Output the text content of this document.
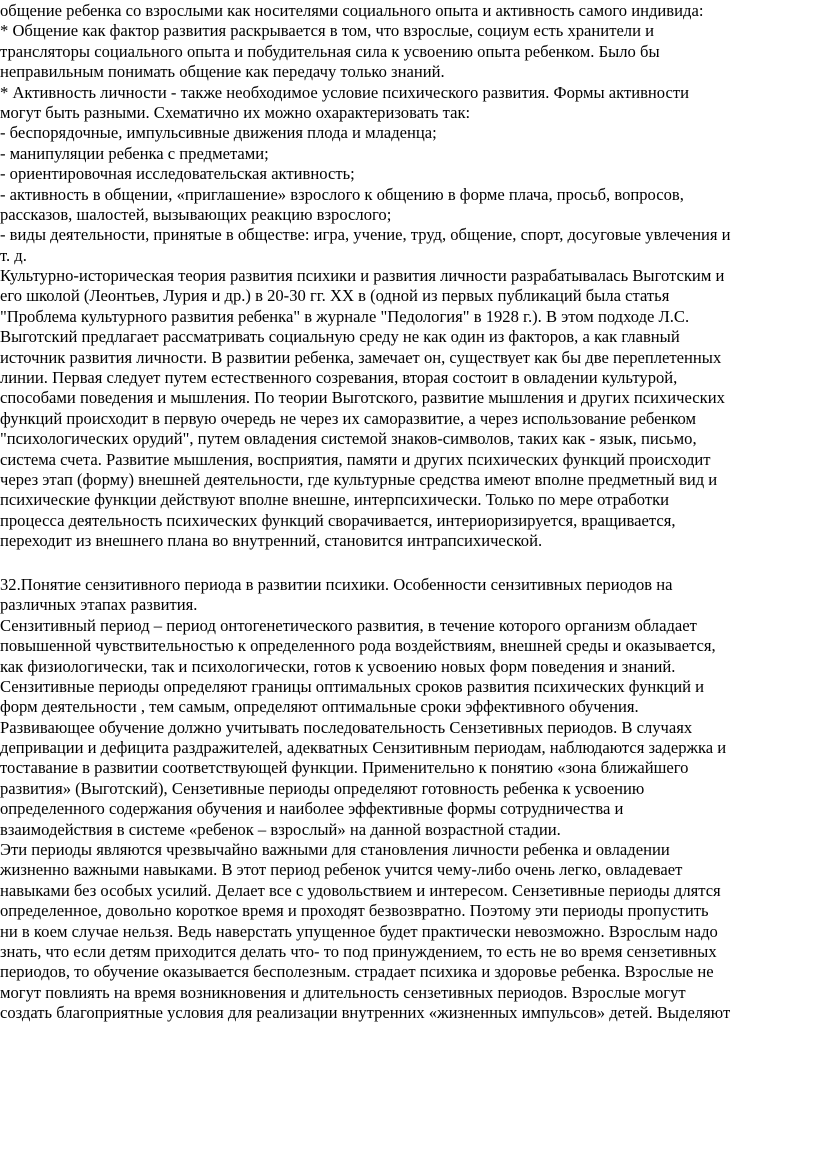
общение ребенка со взрослыми как носителями социального опыта и активность самого индивида:
* Общение как фактор развития раскрывается в том, что взрослые, социум есть хранители и
трансляторы социального опыта и побудительная сила к усвоению опыта ребенком. Было бы
неправильным понимать общение как передачу только знаний.
* Активность личности - также необходимое условие психического развития. Формы активности
могут быть разными. Схематично их можно охарактеризовать так:
- беспорядочные, импульсивные движения плода и младенца;
- манипуляции ребенка с предметами;
- ориентировочная исследовательская активность;
- активность в общении, «приглашение» взрослого к общению в форме плача, просьб, вопросов,
рассказов, шалостей, вызывающих реакцию взрослого;
- виды деятельности, принятые в обществе: игра, учение, труд, общение, спорт, досуговые увлечения и
т. д.
Культурно-историческая теория развития психики и развития личности разрабатывалась Выготским и
его школой (Леонтьев, Лурия и др.) в 20-30 гг. XX в (одной из первых публикаций была статья
"Проблема культурного развития ребенка" в журнале "Педология" в 1928 г.). В этом подходе Л.С.
Выготский предлагает рассматривать социальную среду не как один из факторов, а как главный
источник развития личности. В развитии ребенка, замечает он, существует как бы две переплетенных
линии. Первая следует путем естественного созревания, вторая состоит в овладении культурой,
способами поведения и мышления. По теории Выготского, развитие мышления и других психических
функций происходит в первую очередь не через их саморазвитие, а через использование ребенком
"психологических орудий", путем овладения системой знаков-символов, таких как - язык, письмо,
система счета. Развитие мышления, восприятия, памяти и других психических функций происходит
через этап (форму) внешней деятельности, где культурные средства имеют вполне предметный вид и
психические функции действуют вполне внешне, интерпсихически. Только по мере отработки
процесса деятельность психических функций сворачивается, интериоризируется, вращивается,
переходит из внешнего плана во внутренний, становится интрапсихической.
32.Понятие сензитивного периода в развитии психики. Особенности сензитивных периодов на
различных этапах развития.
Сензитивный период – период онтогенетического развития, в течение которого организм обладает
повышенной чувствительностью к определенного рода воздействиям, внешней среды и оказывается,
как физиологически, так и психологически, готов к усвоению новых форм поведения и знаний.
Сензитивные периоды определяют границы оптимальных сроков развития психических функций и
форм деятельности , тем самым, определяют оптимальные сроки эффективного обучения.
Развивающее обучение должно учитывать последовательность Сензетивных периодов. В случаях
депривации и дефицита раздражителей, адекватных Сензитивным периодам, наблюдаются задержка и
тоставание в развитии соответствующей функции. Применительно к понятию «зона ближайшего
развития» (Выготский), Сензетивные периоды определяют готовность ребенка к усвоению
определенного содержания обучения и наиболее эффективные формы сотрудничества и
взаимодействия в системе «ребенок – взрослый» на данной возрастной стадии.
Эти периоды являются чрезвычайно важными для становления личности ребенка и овладении
жизненно важными навыками. В этот период ребенок учится чему-либо очень легко, овладевает
навыками без особых усилий. Делает все с удовольствием и интересом. Сензетивные периоды длятся
определенное, довольно короткое время и проходят безвозвратно. Поэтому эти периоды пропустить
ни в коем случае нельзя. Ведь наверстать упущенное будет практически невозможно. Взрослым надо
знать, что если детям приходится делать что- то под принуждением, то есть не во время сензетивных
периодов, то обучение оказывается бесполезным. страдает психика и здоровье ребенка. Взрослые не
могут повлиять на время возникновения и длительность сензетивных периодов. Взрослые могут
создать благоприятные условия для реализации внутренних «жизненных импульсов» детей. Выделяют
